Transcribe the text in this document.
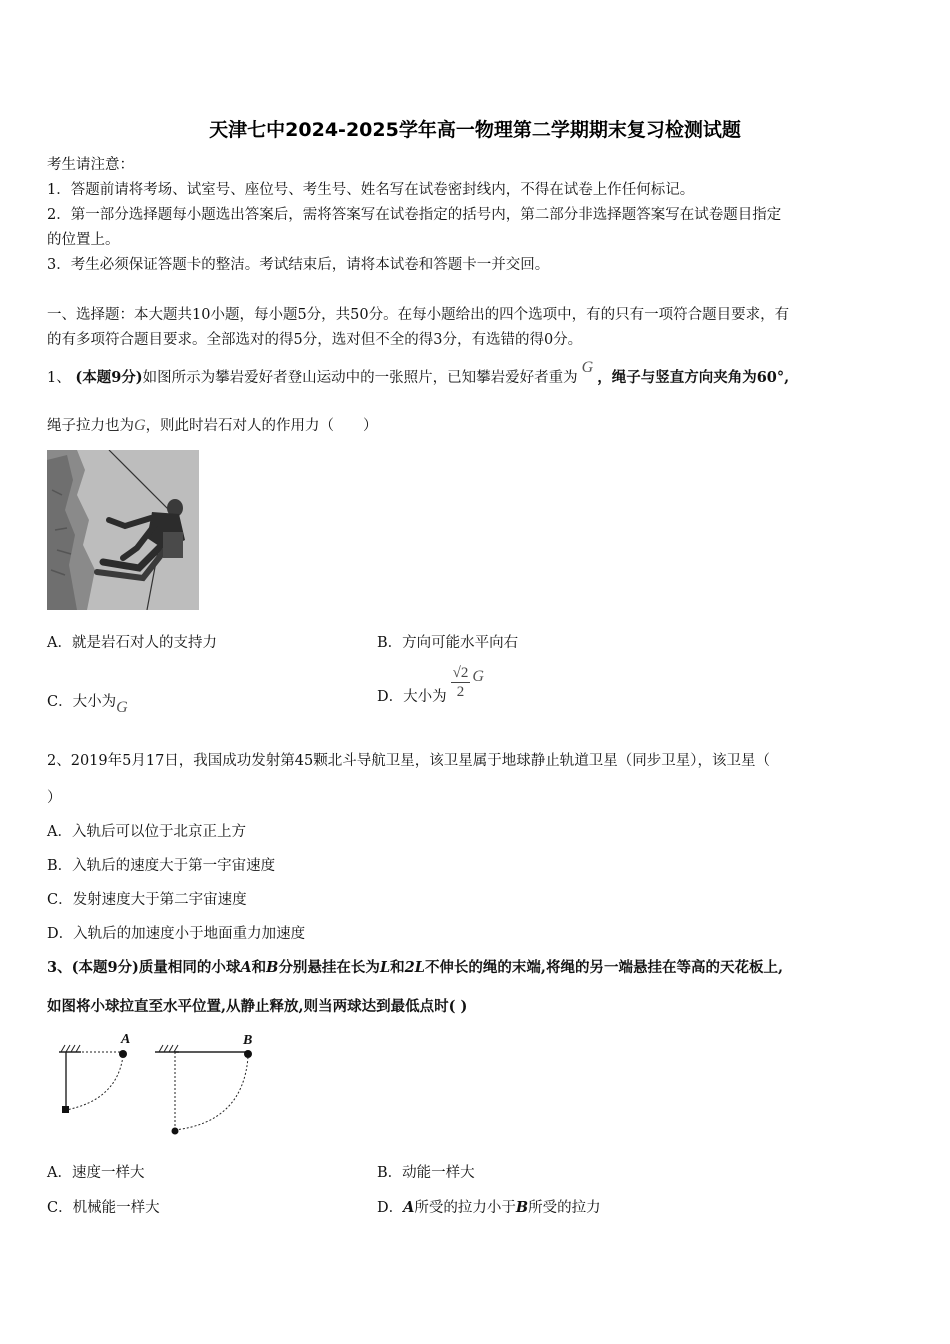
天津七中2024-2025学年高一物理第二学期期末复习检测试题
考生请注意：
1．答题前请将考场、试室号、座位号、考生号、姓名写在试卷密封线内，不得在试卷上作任何标记。
2．第一部分选择题每小题选出答案后，需将答案写在试卷指定的括号内，第二部分非选择题答案写在试卷题目指定
的位置上。
3．考生必须保证答题卡的整洁。考试结束后，请将本试卷和答题卡一并交回。
一、选择题：本大题共10小题，每小题5分，共50分。在每小题给出的四个选项中，有的只有一项符合题目要求，有
的有多项符合题目要求。全部选对的得5分，选对但不全的得3分，有选错的得0分。
1、 (本题9分)如图所示为攀岩爱好者登山运动中的一张照片，已知攀岩爱好者重为G，绳子与竖直方向夹角为60°,
绳子拉力也为G，则此时岩石对人的作用力（　　）
A．就是岩石对人的支持力	B．方向可能水平向右
C．大小为G
D．大小为 $\frac{√2}{2}$ G
2、2019年5月17日，我国成功发射第45颗北斗导航卫星，该卫星属于地球静止轨道卫星（同步卫星），该卫星（
）
A．入轨后可以位于北京正上方
B．入轨后的速度大于第一宇宙速度
C．发射速度大于第二宇宙速度
D．入轨后的加速度小于地面重力加速度
3、(本题9分)质量相同的小球A和B分别悬挂在长为L和2L不伸长的绳的末端,将绳的另一端悬挂在等高的天花板上,
如图将小球拉直至水平位置,从静止释放,则当两球达到最低点时( )
A	B
A．速度一样大	B．动能一样大
C．机械能一样大	D．A所受的拉力小于B所受的拉力
